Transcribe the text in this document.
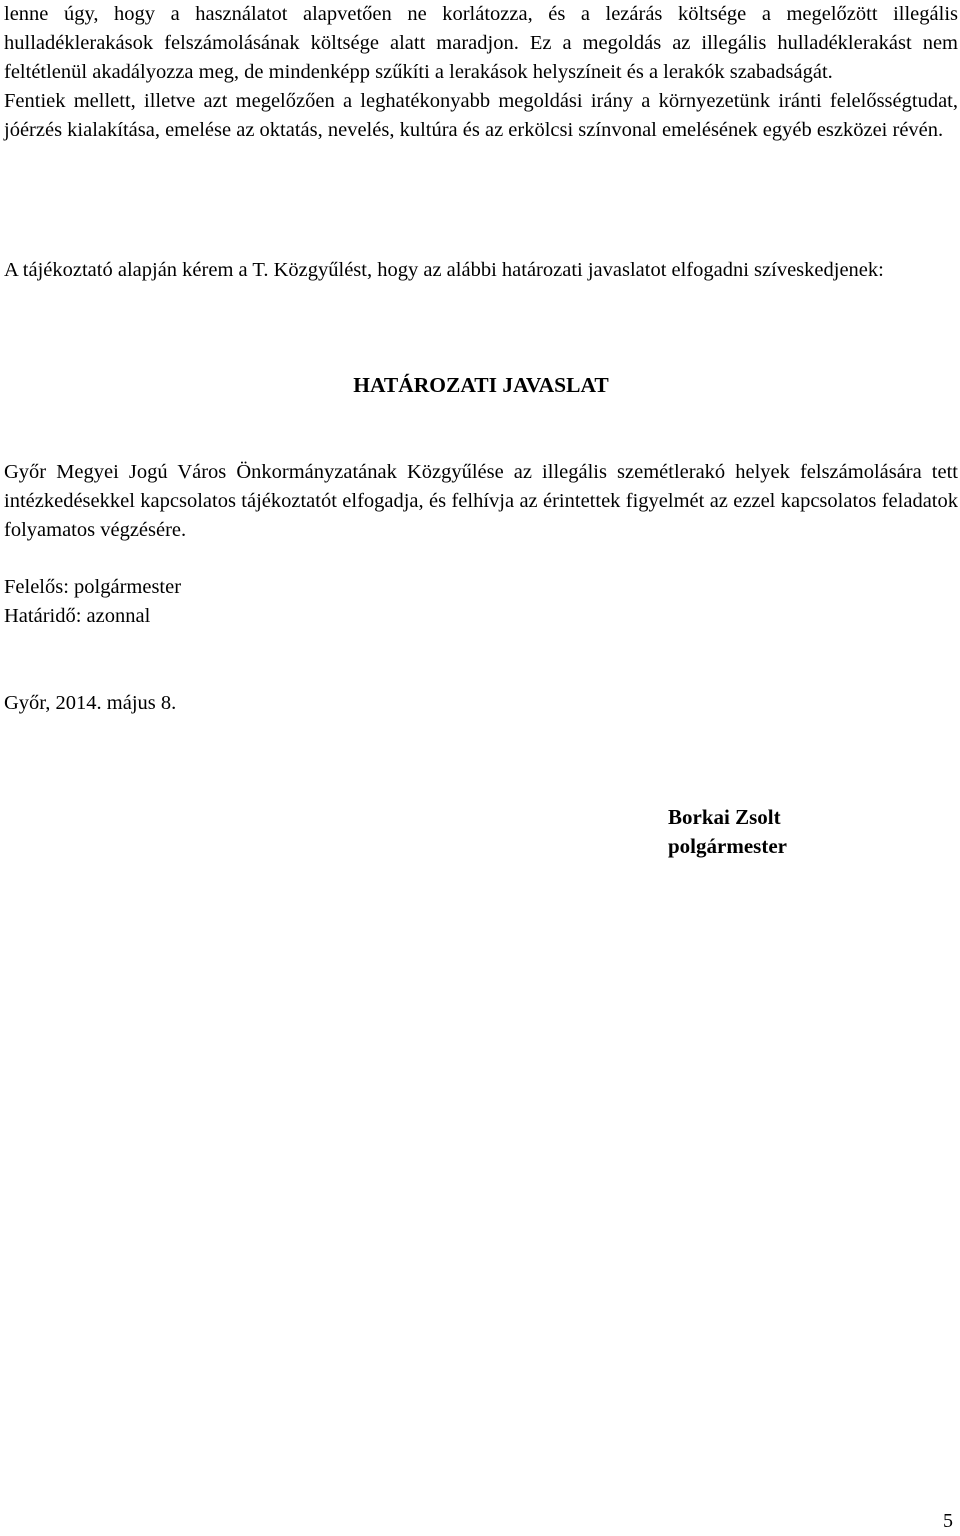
lenne úgy, hogy a használatot alapvetően ne korlátozza, és a lezárás költsége a megelőzött illegális hulladéklerakások felszámolásának költsége alatt maradjon. Ez a megoldás az illegális hulladéklerakást nem feltétlenül akadályozza meg, de mindenképp szűkíti a lerakások helyszíneit és a lerakók szabadságát.

Fentiek mellett, illetve azt megelőzően a leghatékonyabb megoldási irány a környezetünk iránti felelősségtudat, jóérzés kialakítása, emelése az oktatás, nevelés, kultúra és az erkölcsi színvonal emelésének egyéb eszközei révén.

A tájékoztató alapján kérem a T. Közgyűlést, hogy az alábbi határozati javaslatot elfogadni szíveskedjenek:

HATÁROZATI JAVASLAT

Győr Megyei Jogú Város Önkormányzatának Közgyűlése az illegális szemétlerakó helyek felszámolására tett intézkedésekkel kapcsolatos tájékoztatót elfogadja, és felhívja az érintettek figyelmét az ezzel kapcsolatos feladatok folyamatos végzésére.

Felelős: polgármester

Határidő: azonnal

Győr, 2014. május 8.

Borkai Zsolt

polgármester

5
